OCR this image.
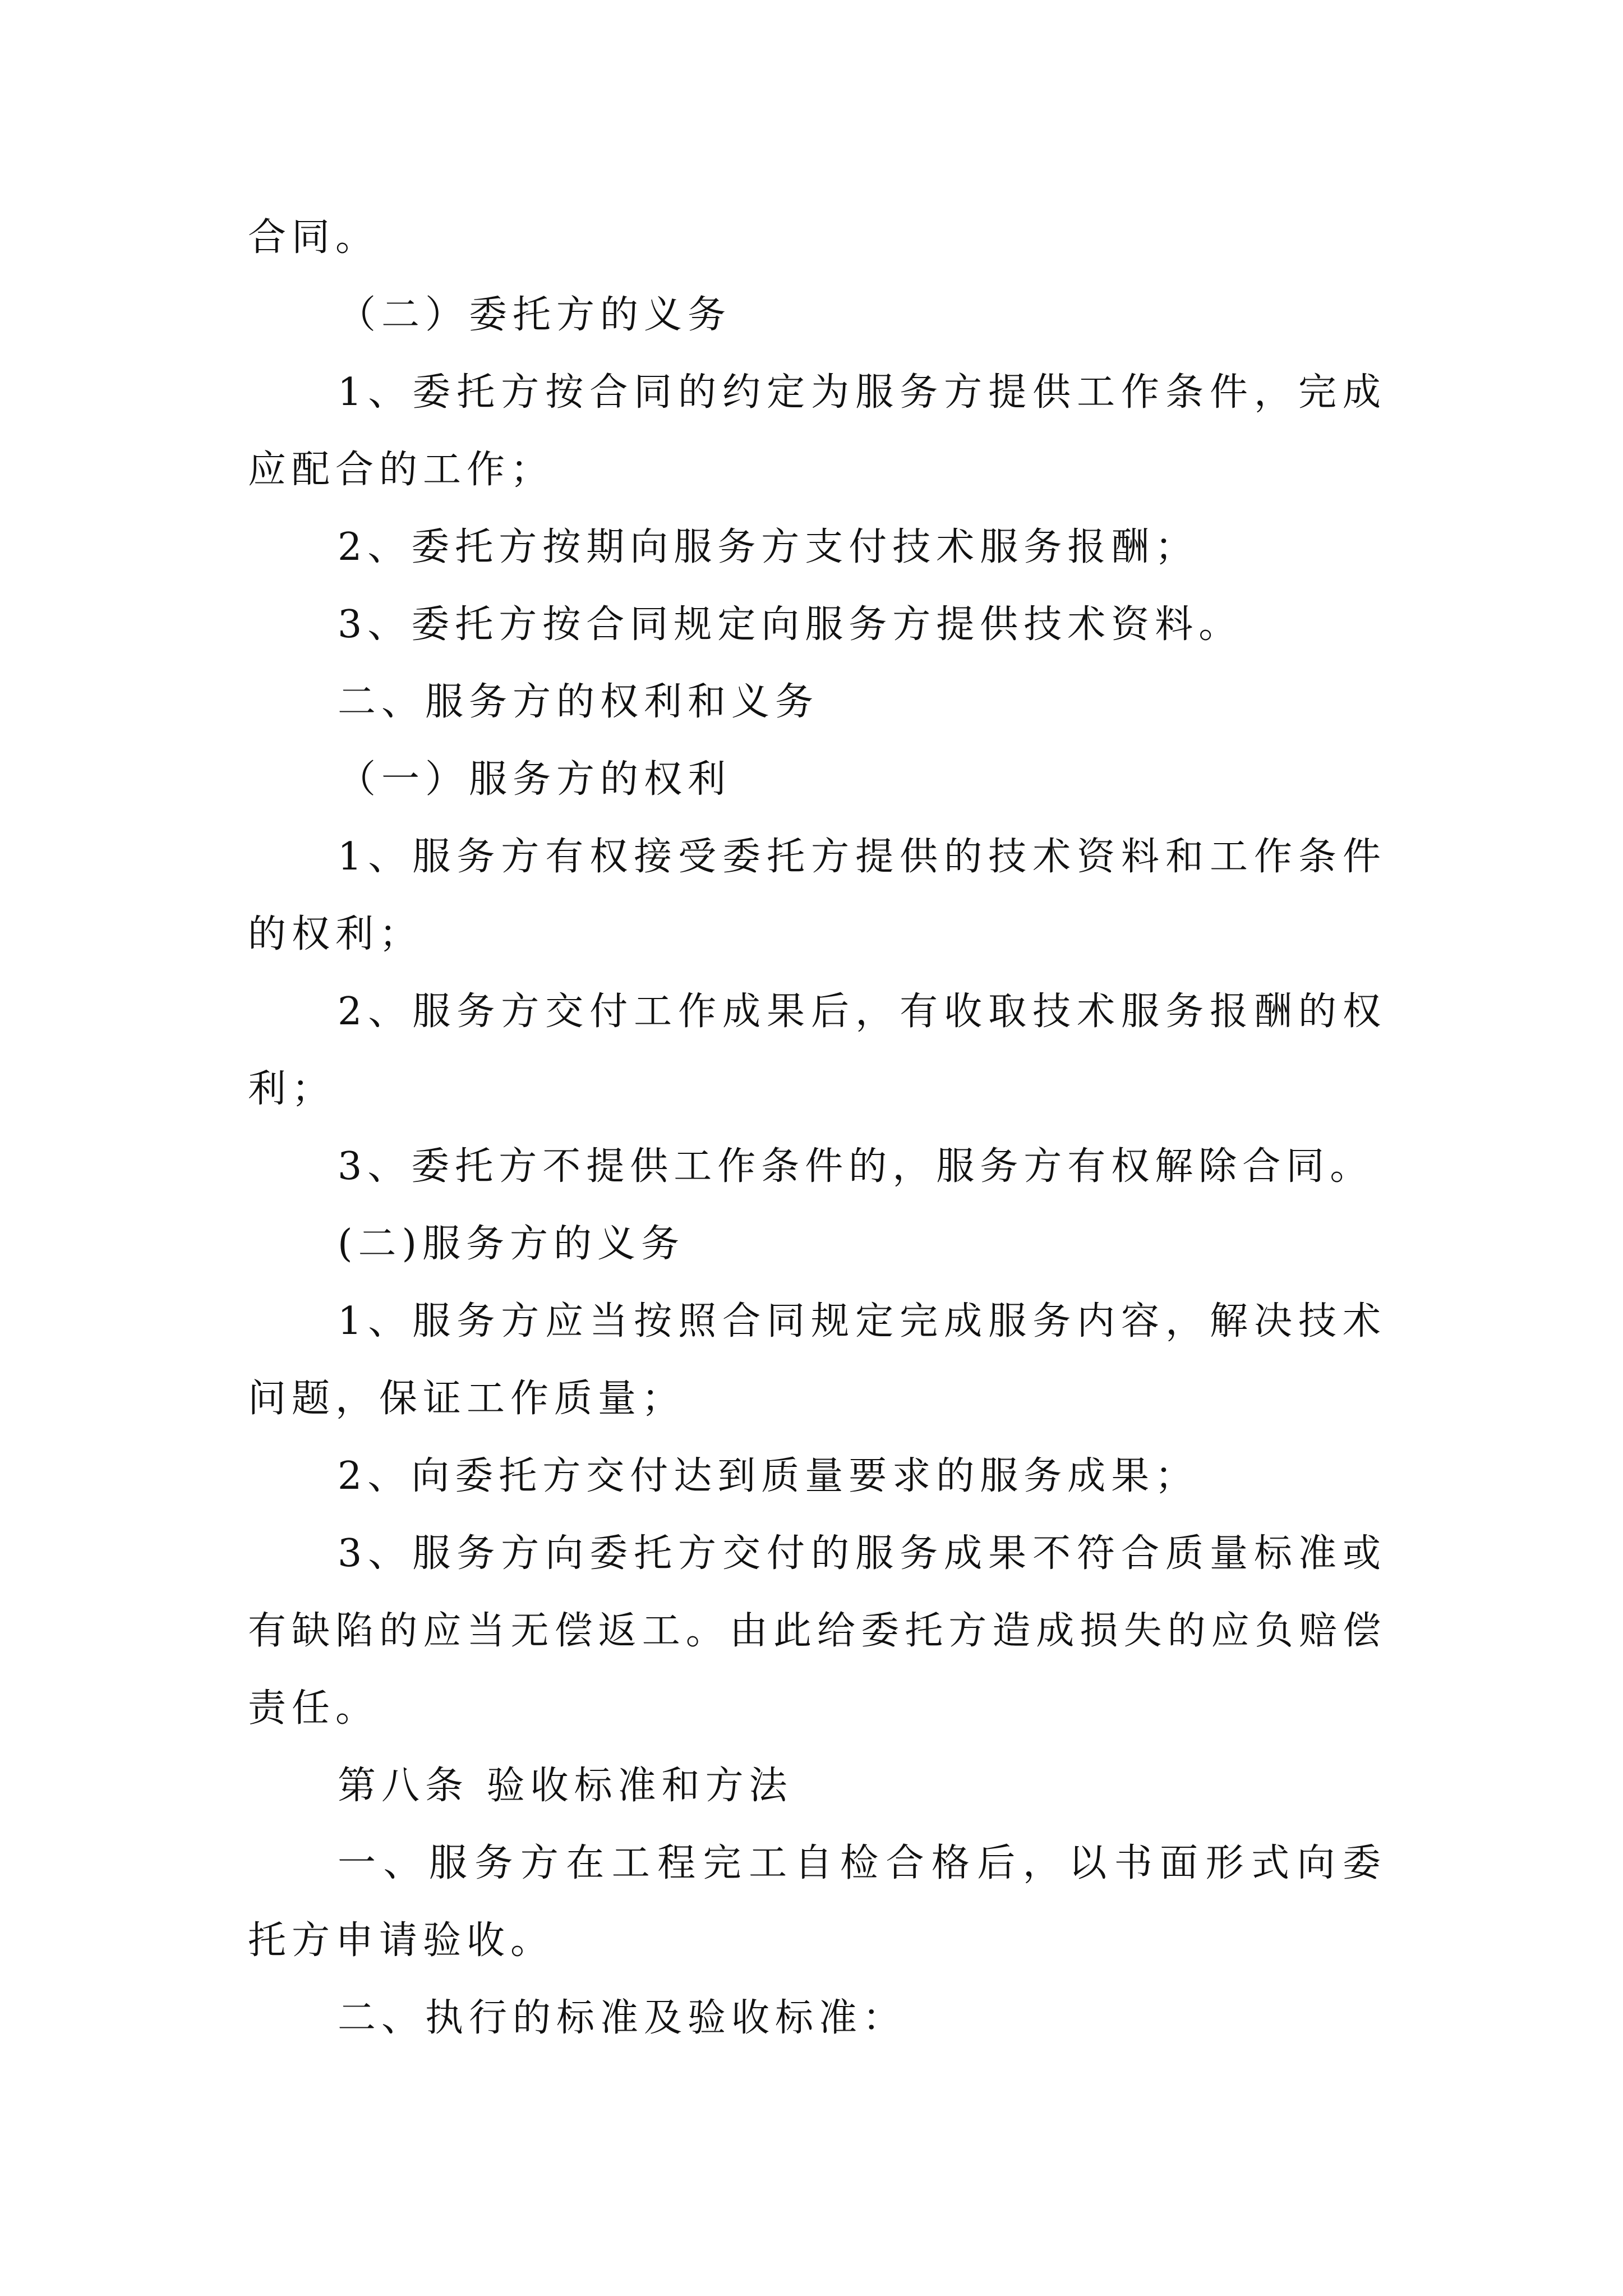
合同。

（二）委托方的义务

1、委托方按合同的约定为服务方提供工作条件，完成应配合的工作；

2、委托方按期向服务方支付技术服务报酬；

3、委托方按合同规定向服务方提供技术资料。

二、服务方的权利和义务

（一）服务方的权利

1、服务方有权接受委托方提供的技术资料和工作条件的权利；

2、服务方交付工作成果后，有收取技术服务报酬的权利；

3、委托方不提供工作条件的，服务方有权解除合同。

(二)服务方的义务

1、服务方应当按照合同规定完成服务内容，解决技术问题，保证工作质量；

2、向委托方交付达到质量要求的服务成果；

3、服务方向委托方交付的服务成果不符合质量标准或有缺陷的应当无偿返工。由此给委托方造成损失的应负赔偿责任。

第八条 验收标准和方法

一、服务方在工程完工自检合格后，以书面形式向委托方申请验收。

二、执行的标准及验收标准：
